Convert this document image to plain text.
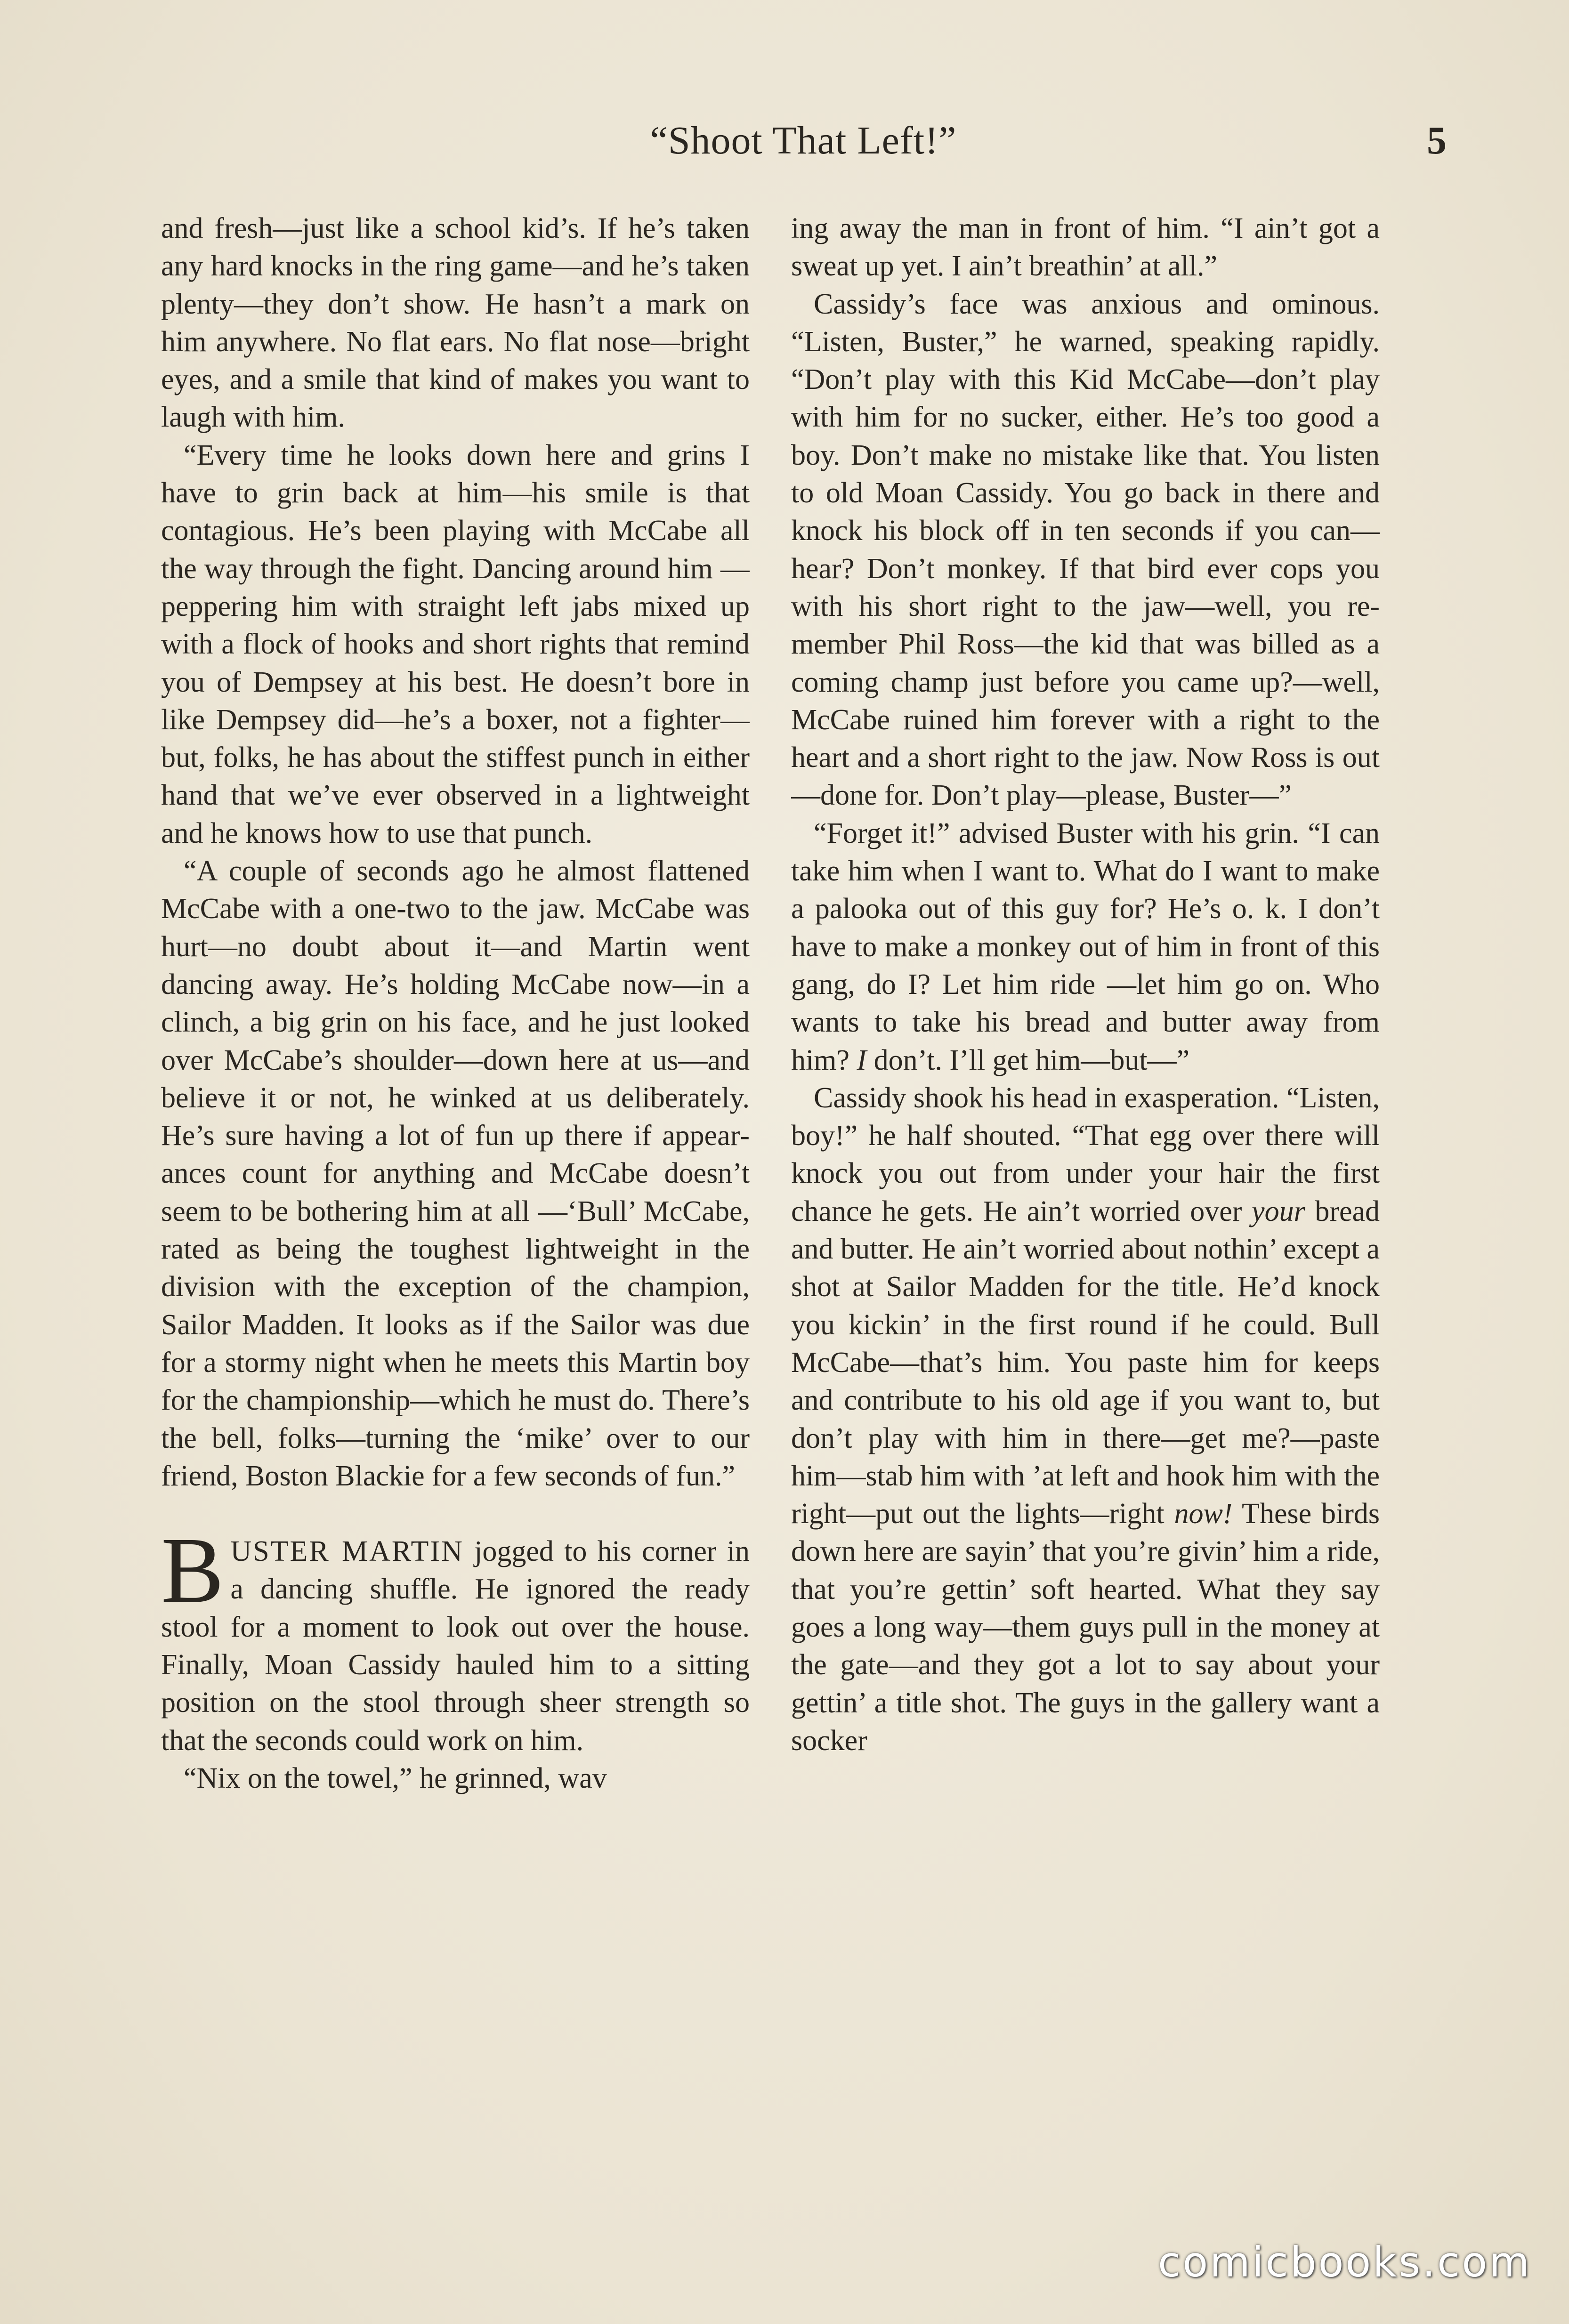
“Shoot That Left!”	5

and fresh—just like a school kid’s. If he’s taken any hard knocks in the ring game—and he’s taken plenty—they don’t show. He hasn’t a mark on him anywhere. No flat ears. No flat nose—bright eyes, and a smile that kind of makes you want to laugh with him.

“Every time he looks down here and grins I have to grin back at him—his smile is that contagious. He’s been playing with McCabe all the way through the fight. Dancing around him —peppering him with straight left jabs mixed up with a flock of hooks and short rights that remind you of Dempsey at his best. He doesn’t bore in like Dempsey did—he’s a boxer, not a fighter—but, folks, he has about the stiffest punch in either hand that we’ve ever observed in a lightweight and he knows how to use that punch.

“A couple of seconds ago he almost flattened McCabe with a one-two to the jaw. McCabe was hurt—no doubt about it—and Martin went dancing away. He’s holding McCabe now—in a clinch, a big grin on his face, and he just looked over McCabe’s shoulder—down here at us—and believe it or not, he winked at us deliberately. He’s sure having a lot of fun up there if appearances count for anything and McCabe doesn’t seem to be bothering him at all —‘Bull’ McCabe, rated as being the toughest lightweight in the division with the exception of the champion, Sailor Madden. It looks as if the Sailor was due for a stormy night when he meets this Martin boy for the championship—which he must do. There’s the bell, folks—turning the ‘mike’ over to our friend, Boston Blackie for a few seconds of fun.”

BUSTER MARTIN jogged to his corner in a dancing shuffle. He ignored the ready stool for a moment to look out over the house. Finally, Moan Cassidy hauled him to a sitting position on the stool through sheer strength so that the seconds could work on him.

“Nix on the towel,” he grinned, wav

ing away the man in front of him. “I ain’t got a sweat up yet. I ain’t breathin’ at all.”

Cassidy’s face was anxious and ominous. “Listen, Buster,” he warned, speaking rapidly. “Don’t play with this Kid McCabe—don’t play with him for no sucker, either. He’s too good a boy. Don’t make no mistake like that. You listen to old Moan Cassidy. You go back in there and knock his block off in ten seconds if you can—hear? Don’t monkey. If that bird ever cops you with his short right to the jaw—well, you remember Phil Ross—the kid that was billed as a coming champ just before you came up?—well, McCabe ruined him forever with a right to the heart and a short right to the jaw. Now Ross is out—done for. Don’t play—please, Buster—”

“Forget it!” advised Buster with his grin. “I can take him when I want to. What do I want to make a palooka out of this guy for? He’s o. k. I don’t have to make a monkey out of him in front of this gang, do I? Let him ride —let him go on. Who wants to take his bread and butter away from him? I don’t. I’ll get him—but—”

Cassidy shook his head in exasperation. “Listen, boy!” he half shouted. “That egg over there will knock you out from under your hair the first chance he gets. He ain’t worried over your bread and butter. He ain’t worried about nothin’ except a shot at Sailor Madden for the title. He’d knock you kickin’ in the first round if he could. Bull McCabe—that’s him. You paste him for keeps and contribute to his old age if you want to, but don’t play with him in there—get me?—paste him—stab him with ’at left and hook him with the right—put out the lights—right now! These birds down here are sayin’ that you’re givin’ him a ride, that you’re gettin’ soft hearted. What they say goes a long way—them guys pull in the money at the gate—and they got a lot to say about your gettin’ a title shot. The guys in the gallery want a socker

comicbooks.com
